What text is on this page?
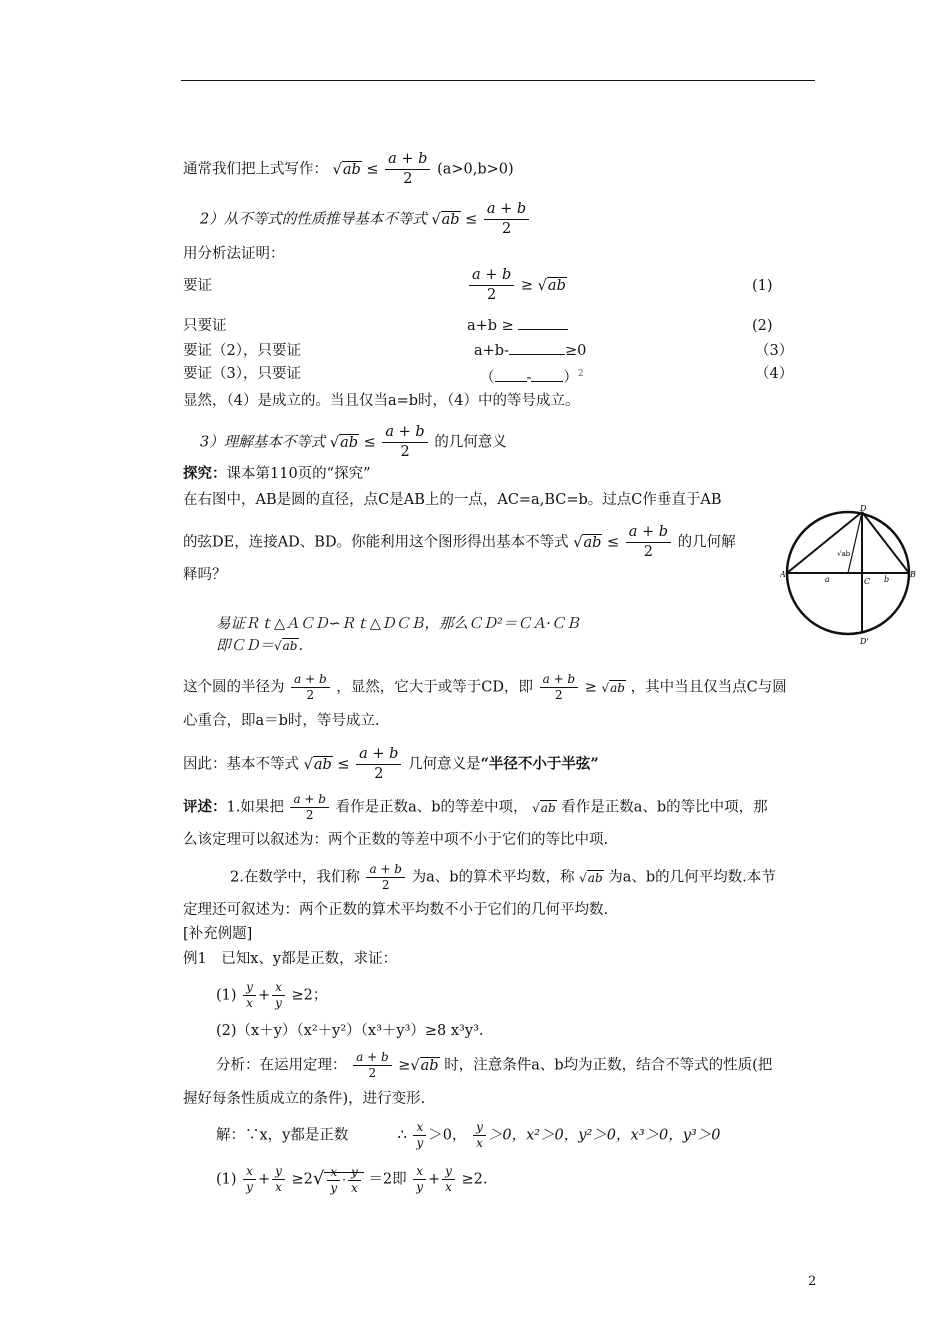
通常我们把上式写作： $√ab \le \frac{a + b}{2} (a>0,b>0)$
2）从不等式的性质推导基本不等式 $√ab \le \frac{a + b}{2}$
用分析法证明：
要证	$\frac{a + b}{2} \ge √ab$	(1)
只要证	a+b ≥	(2)
要证（2），只要证	a+b-	≥0	（3）
要证（3），只要证	（ - ）$^2$	（4）
显然，（4）是成立的。当且仅当a=b时，（4）中的等号成立。
3）理解基本不等式 $√ab \le \frac{a + b}{2}$ 的几何意义
探究：课本第110页的“探究”
在右图中，AB是圆的直径，点C是AB上的一点，AC=a,BC=b。过点C作垂直于AB
的弦DE，连接AD、BD。你能利用这个图形得出基本不等式 $√ab \le \frac{a + b}{2}$ 的几何解
释吗？	A	B
C
D
D'
a	b
√ab
易证Ｒｔ△ＡＣＤ∽Ｒｔ△ＤＣＢ，那么ＣＤ²＝ＣＡ·ＣＢ
即ＣＤ＝√ab.
这个圆的半径为 $\frac{a + b}{2}$ ，显然，它大于或等于CD，即 $\frac{a + b}{2} \ge √ab$ ，其中当且仅当点C与圆
心重合，即a＝b时，等号成立.
因此：基本不等式 $√ab \le \frac{a + b}{2}$ 几何意义是“半径不小于半弦”
评述：1.如果把 $\frac{a + b}{2}$ 看作是正数a、b的等差中项， √ab 看作是正数a、b的等比中项，那
么该定理可以叙述为：两个正数的等差中项不小于它们的等比中项.
2.在数学中，我们称 $\frac{a + b}{2}$ 为a、b的算术平均数，称 √ab 为a、b的几何平均数.本节
定理还可叙述为：两个正数的算术平均数不小于它们的几何平均数.
[补充例题]
例1　已知x、y都是正数，求证：
$(1) \frac{y}{x} + \frac{x}{y} \ge 2$；
(2)（x＋y）（x²＋y²）（x³＋y³）≥8 x³y³.
分析：在运用定理： $\frac{a + b}{2} \ge√ab$ 时，注意条件a、b均为正数，结合不等式的性质(把
握好每条性质成立的条件)，进行变形.
解：∵x，y都是正数	∴ $\frac{x}{y} >0$， $\frac{y}{x} >0$，x²＞0，y²＞0，x³＞0，y³＞0
$(1) \frac{x}{y} + \frac{y}{x} \ge 2√ \frac{x}{y} \cdot \frac{y}{x} =2$即 $\frac{x}{y} + \frac{y}{x} \ge 2$.
2
